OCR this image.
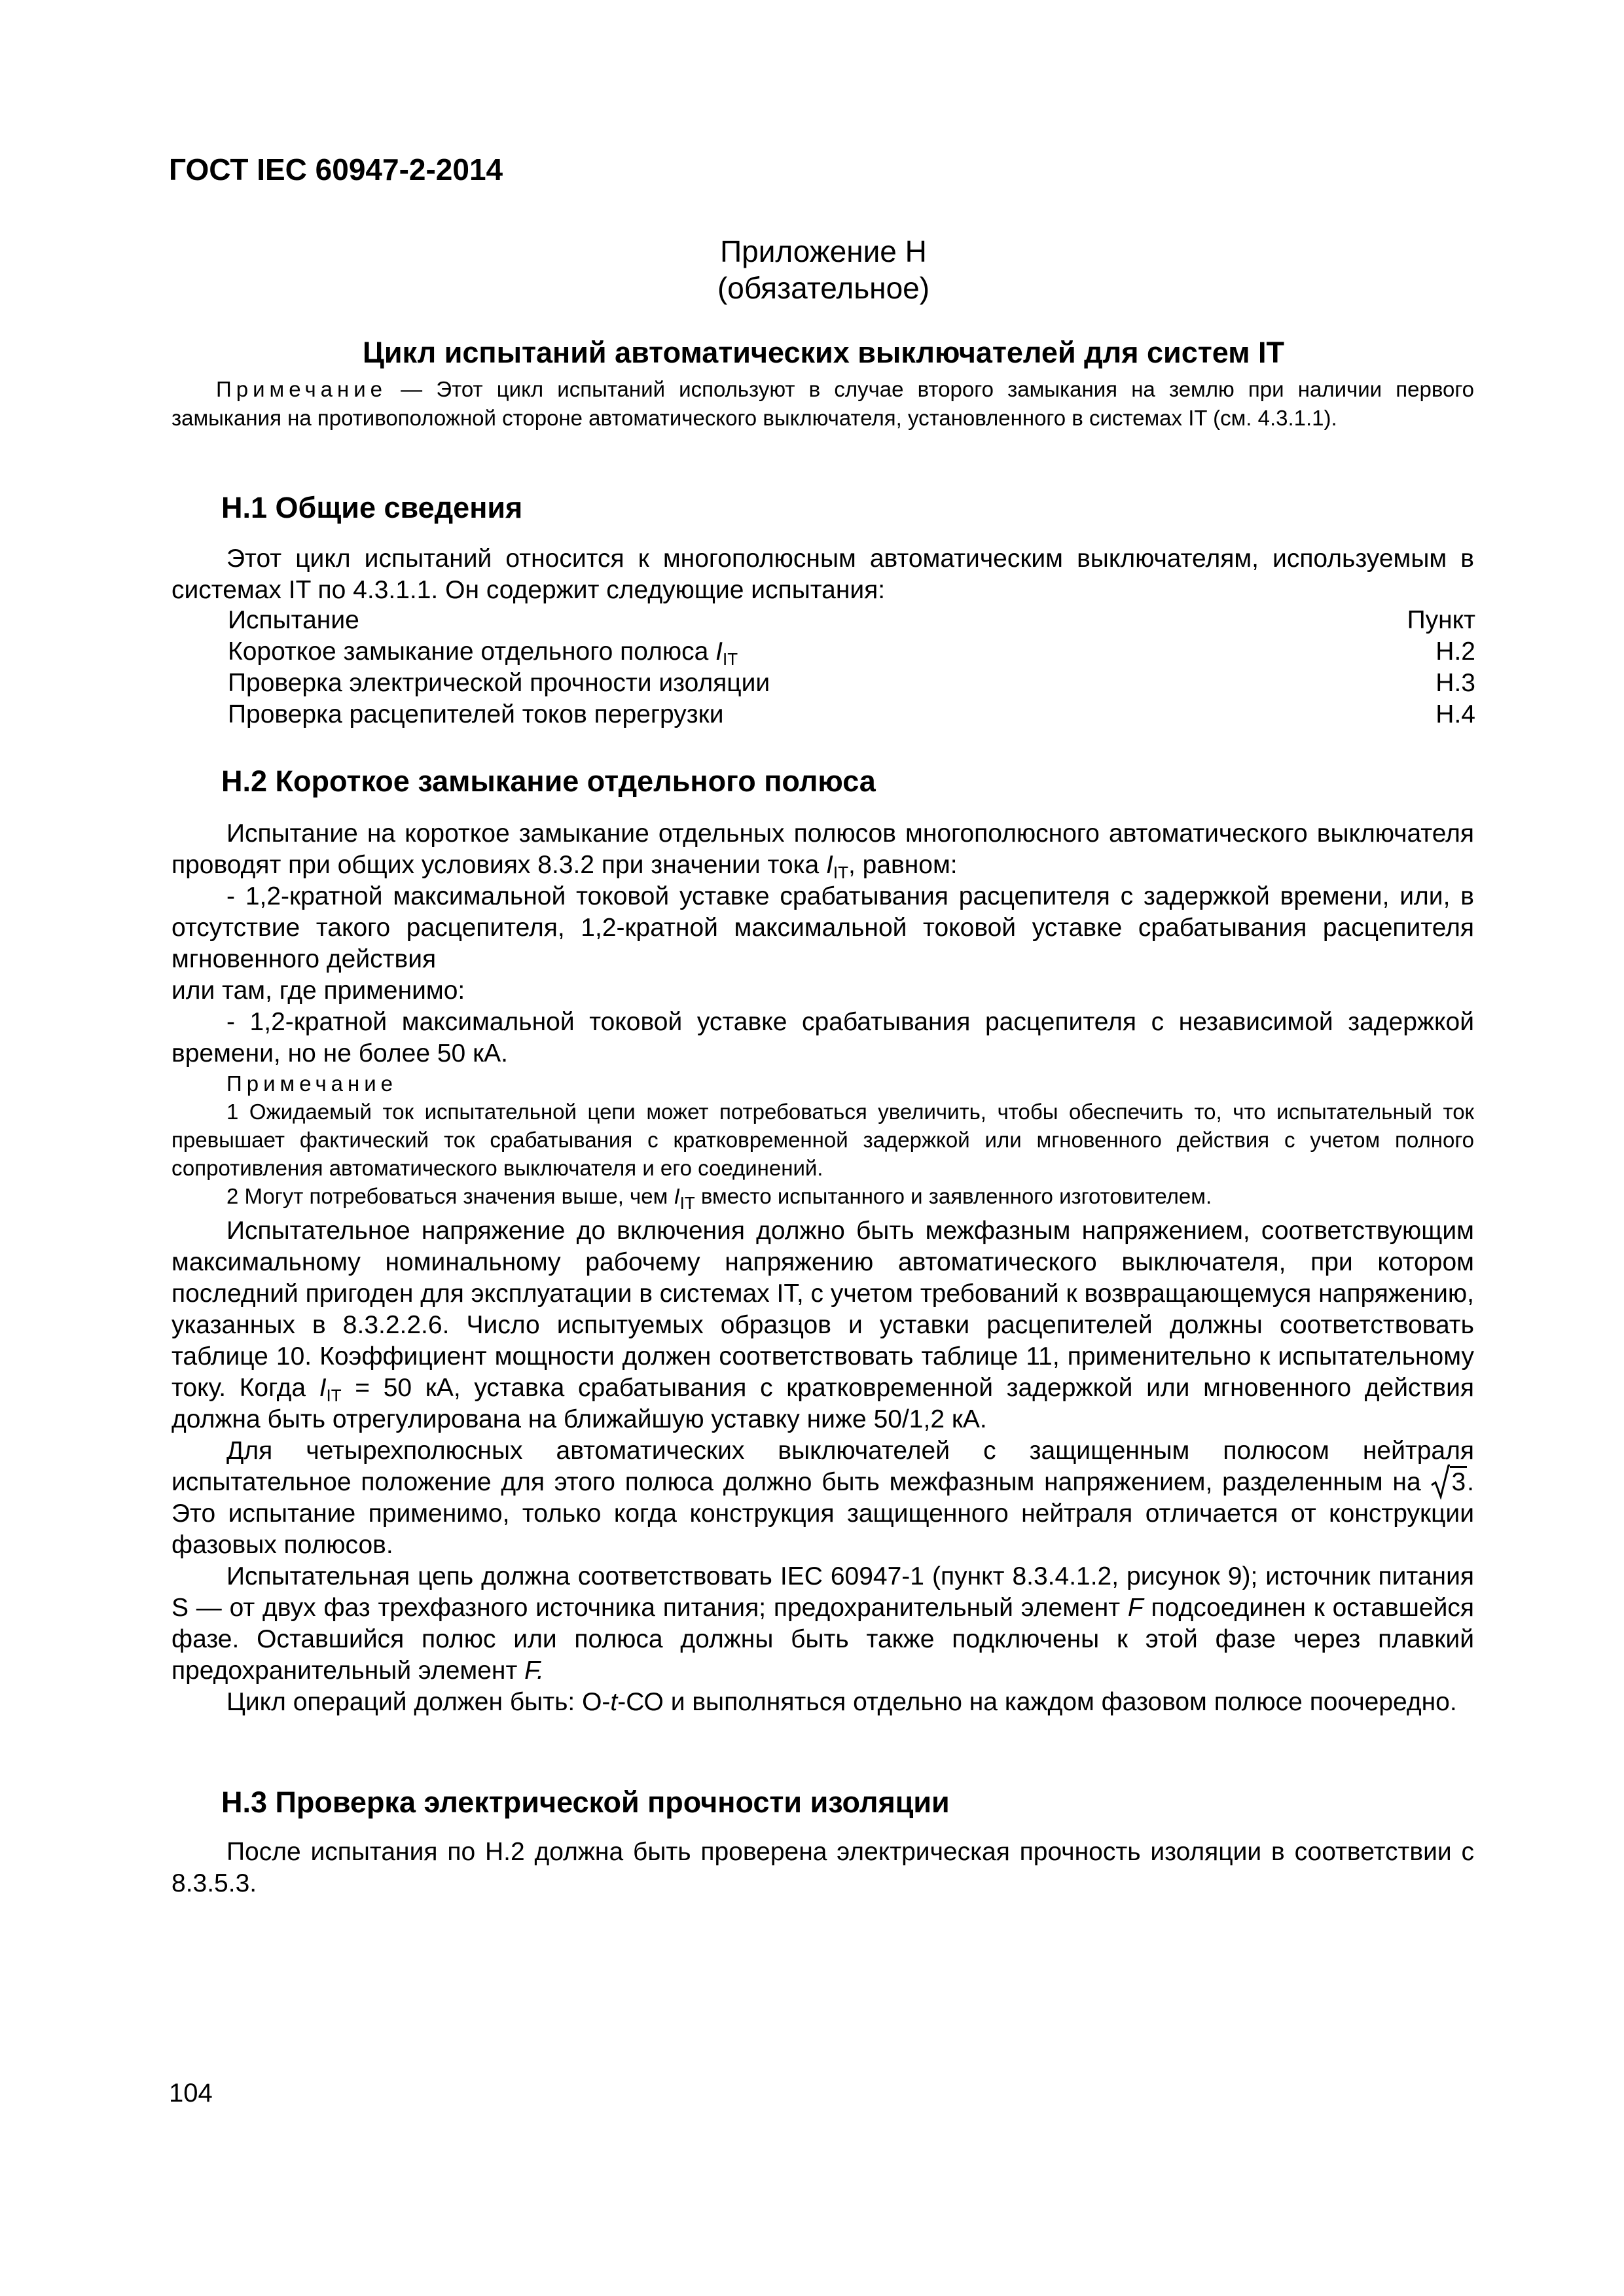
ГОСТ IEC 60947-2-2014
Приложение Н
(обязательное)
Цикл испытаний автоматических выключателей для систем IT
Примечание — Этот цикл испытаний используют в случае второго замыкания на землю при наличии первого замыкания на противоположной стороне автоматического выключателя, установленного в системах IT (см. 4.3.1.1).
H.1 Общие сведения

Этот цикл испытаний относится к многополюсным автоматическим выключателям, используемым в системах IT по 4.3.1.1. Он содержит следующие испытания:

Испытание	Пункт
Короткое замыкание отдельного полюса $I_{IT}$	H.2
Проверка электрической прочности изоляции	H.3
Проверка расцепителей токов перегрузки	H.4
H.2 Короткое замыкание отдельного полюса

Испытание на короткое замыкание отдельных полюсов многополюсного автоматического выключателя проводят при общих условиях 8.3.2 при значении тока $I_{IT}$, равном:

- 1,2-кратной максимальной токовой уставке срабатывания расцепителя с задержкой времени, или, в отсутствие такого расцепителя, 1,2-кратной максимальной токовой уставке срабатывания расцепителя мгновенного действия

или там, где применимо:

- 1,2-кратной максимальной токовой уставке срабатывания расцепителя с независимой задержкой времени, но не более 50 кА.

Примечание

1 Ожидаемый ток испытательной цепи может потребоваться увеличить, чтобы обеспечить то, что испытательный ток превышает фактический ток срабатывания с кратковременной задержкой или мгновенного действия с учетом полного сопротивления автоматического выключателя и его соединений.

2 Могут потребоваться значения выше, чем $I_{IT}$ вместо испытанного и заявленного изготовителем.

Испытательное напряжение до включения должно быть межфазным напряжением, соответствующим максимальному номинальному рабочему напряжению автоматического выключателя, при котором последний пригоден для эксплуатации в системах IT, с учетом требований к возвращающемуся напряжению, указанных в 8.3.2.2.6. Число испытуемых образцов и уставки расцепителей должны соответствовать таблице 10. Коэффициент мощности должен соответствовать таблице 11, применительно к испытательному току. Когда $I_{IT} = 50$ кА, уставка срабатывания с кратковременной задержкой или мгновенного действия должна быть отрегулирована на ближайшую уставку ниже 50/1,2 кА.

Для четырехполюсных автоматических выключателей с защищенным полюсом нейтраля испытательное положение для этого полюса должно быть межфазным напряжением, разделенным на
3. Это испытание применимо, только когда конструкция защищенного нейтраля отличается от конструкции фазовых полюсов.

Испытательная цепь должна соответствовать IEC 60947-1 (пункт 8.3.4.1.2, рисунок 9); источник питания S — от двух фаз трехфазного источника питания; предохранительный элемент F подсоединен к оставшейся фазе. Оставшийся полюс или полюса должны быть также подключены к этой фазе через плавкий предохранительный элемент F.

Цикл операций должен быть: О-t-СО и выполняться отдельно на каждом фазовом полюсе поочередно.

H.3 Проверка электрической прочности изоляции

После испытания по H.2 должна быть проверена электрическая прочность изоляции в соответствии с 8.3.5.3.

104
